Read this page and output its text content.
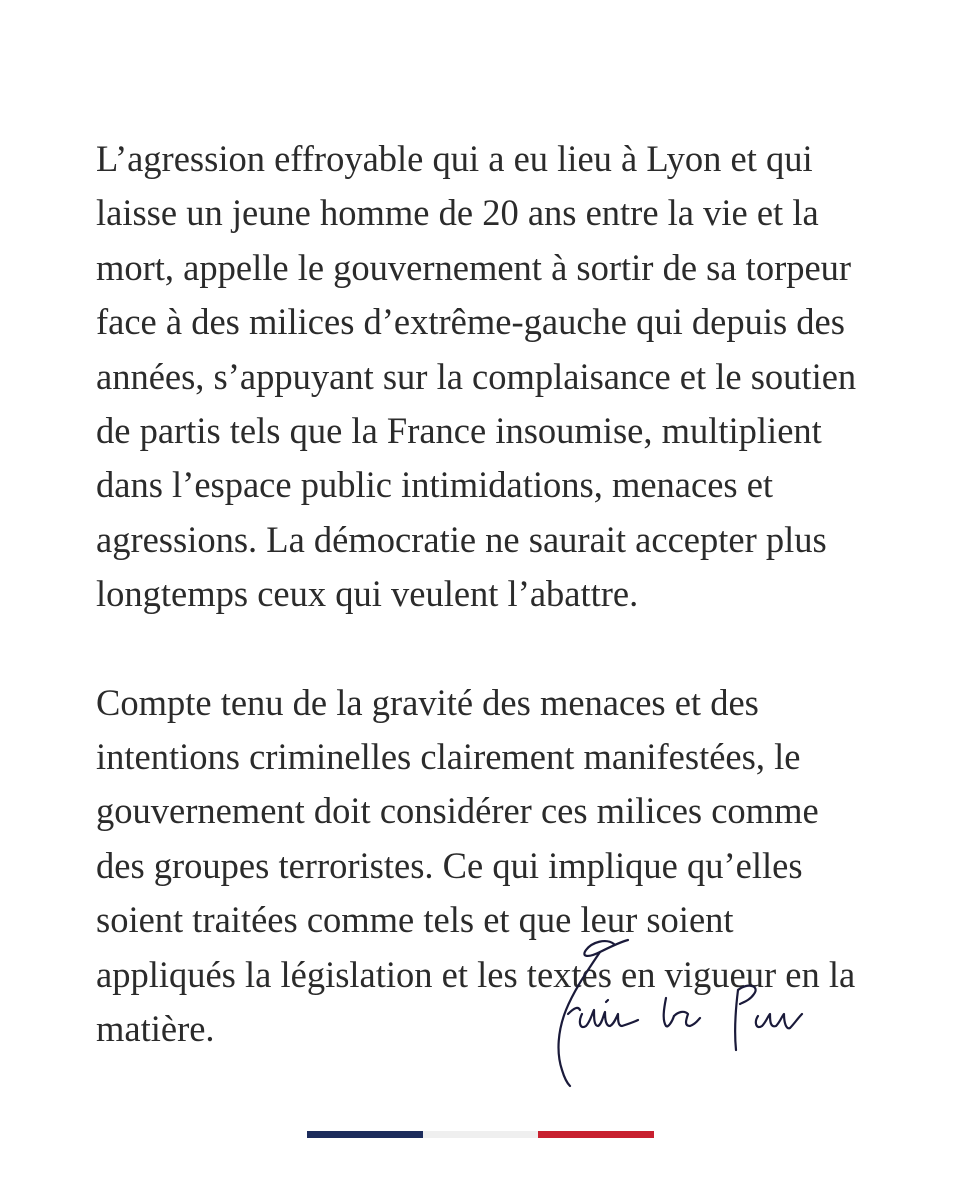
L’agression effroyable qui a eu lieu à Lyon et qui

laisse un jeune homme de 20 ans entre la vie et la

mort, appelle le gouvernement à sortir de sa torpeur

face à des milices d’extrême-gauche qui depuis des

années, s’appuyant sur la complaisance et le soutien

de partis tels que la France insoumise, multiplient

dans l’espace public intimidations, menaces et

agressions. La démocratie ne saurait accepter plus

longtemps ceux qui veulent l’abattre.

Compte tenu de la gravité des menaces et des

intentions criminelles clairement manifestées, le

gouvernement doit considérer ces milices comme

des groupes terroristes. Ce qui implique qu’elles

soient traitées comme tels et que leur soient

appliqués la législation et les textes en vigueur en la

matière.
